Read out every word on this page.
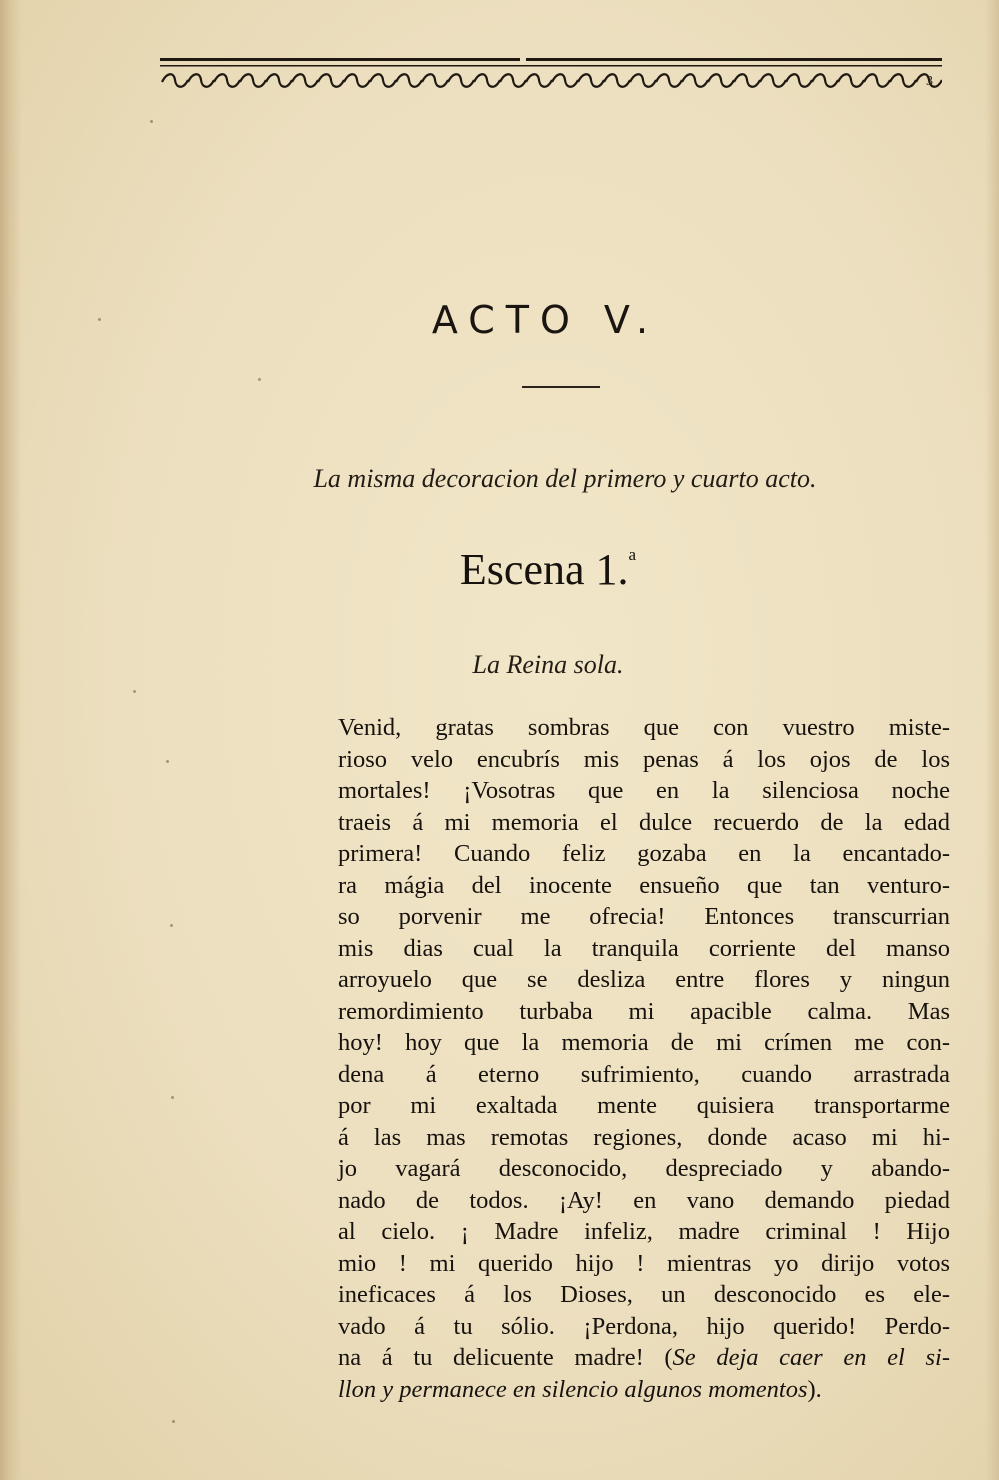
3
ACTO V.
La misma decoracion del primero y cuarto acto.
Escena 1.$^a$
La Reina sola.
Venid, gratas sombras que con vuestro miste-
rioso velo encubrís mis penas á los ojos de los
mortales! ¡Vosotras que en la silenciosa noche
traeis á mi memoria el dulce recuerdo de la edad
primera! Cuando feliz gozaba en la encantado-
ra mágia del inocente ensueño que tan venturo-
so porvenir me ofrecia! Entonces transcurrian
mis dias cual la tranquila corriente del manso
arroyuelo que se desliza entre flores y ningun
remordimiento turbaba mi apacible calma. Mas
hoy! hoy que la memoria de mi crímen me con-
dena á eterno sufrimiento, cuando arrastrada
por mi exaltada mente quisiera transportarme
á las mas remotas regiones, donde acaso mi hi-
jo vagará desconocido, despreciado y abando-
nado de todos. ¡Ay! en vano demando piedad
al cielo. ¡ Madre infeliz, madre criminal ! Hijo
mio ! mi querido hijo ! mientras yo dirijo votos
ineficaces á los Dioses, un desconocido es ele-
vado á tu sólio. ¡Perdona, hijo querido! Perdo-
na á tu delicuente madre! (Se deja caer en el si-
llon y permanece en silencio algunos momentos).
